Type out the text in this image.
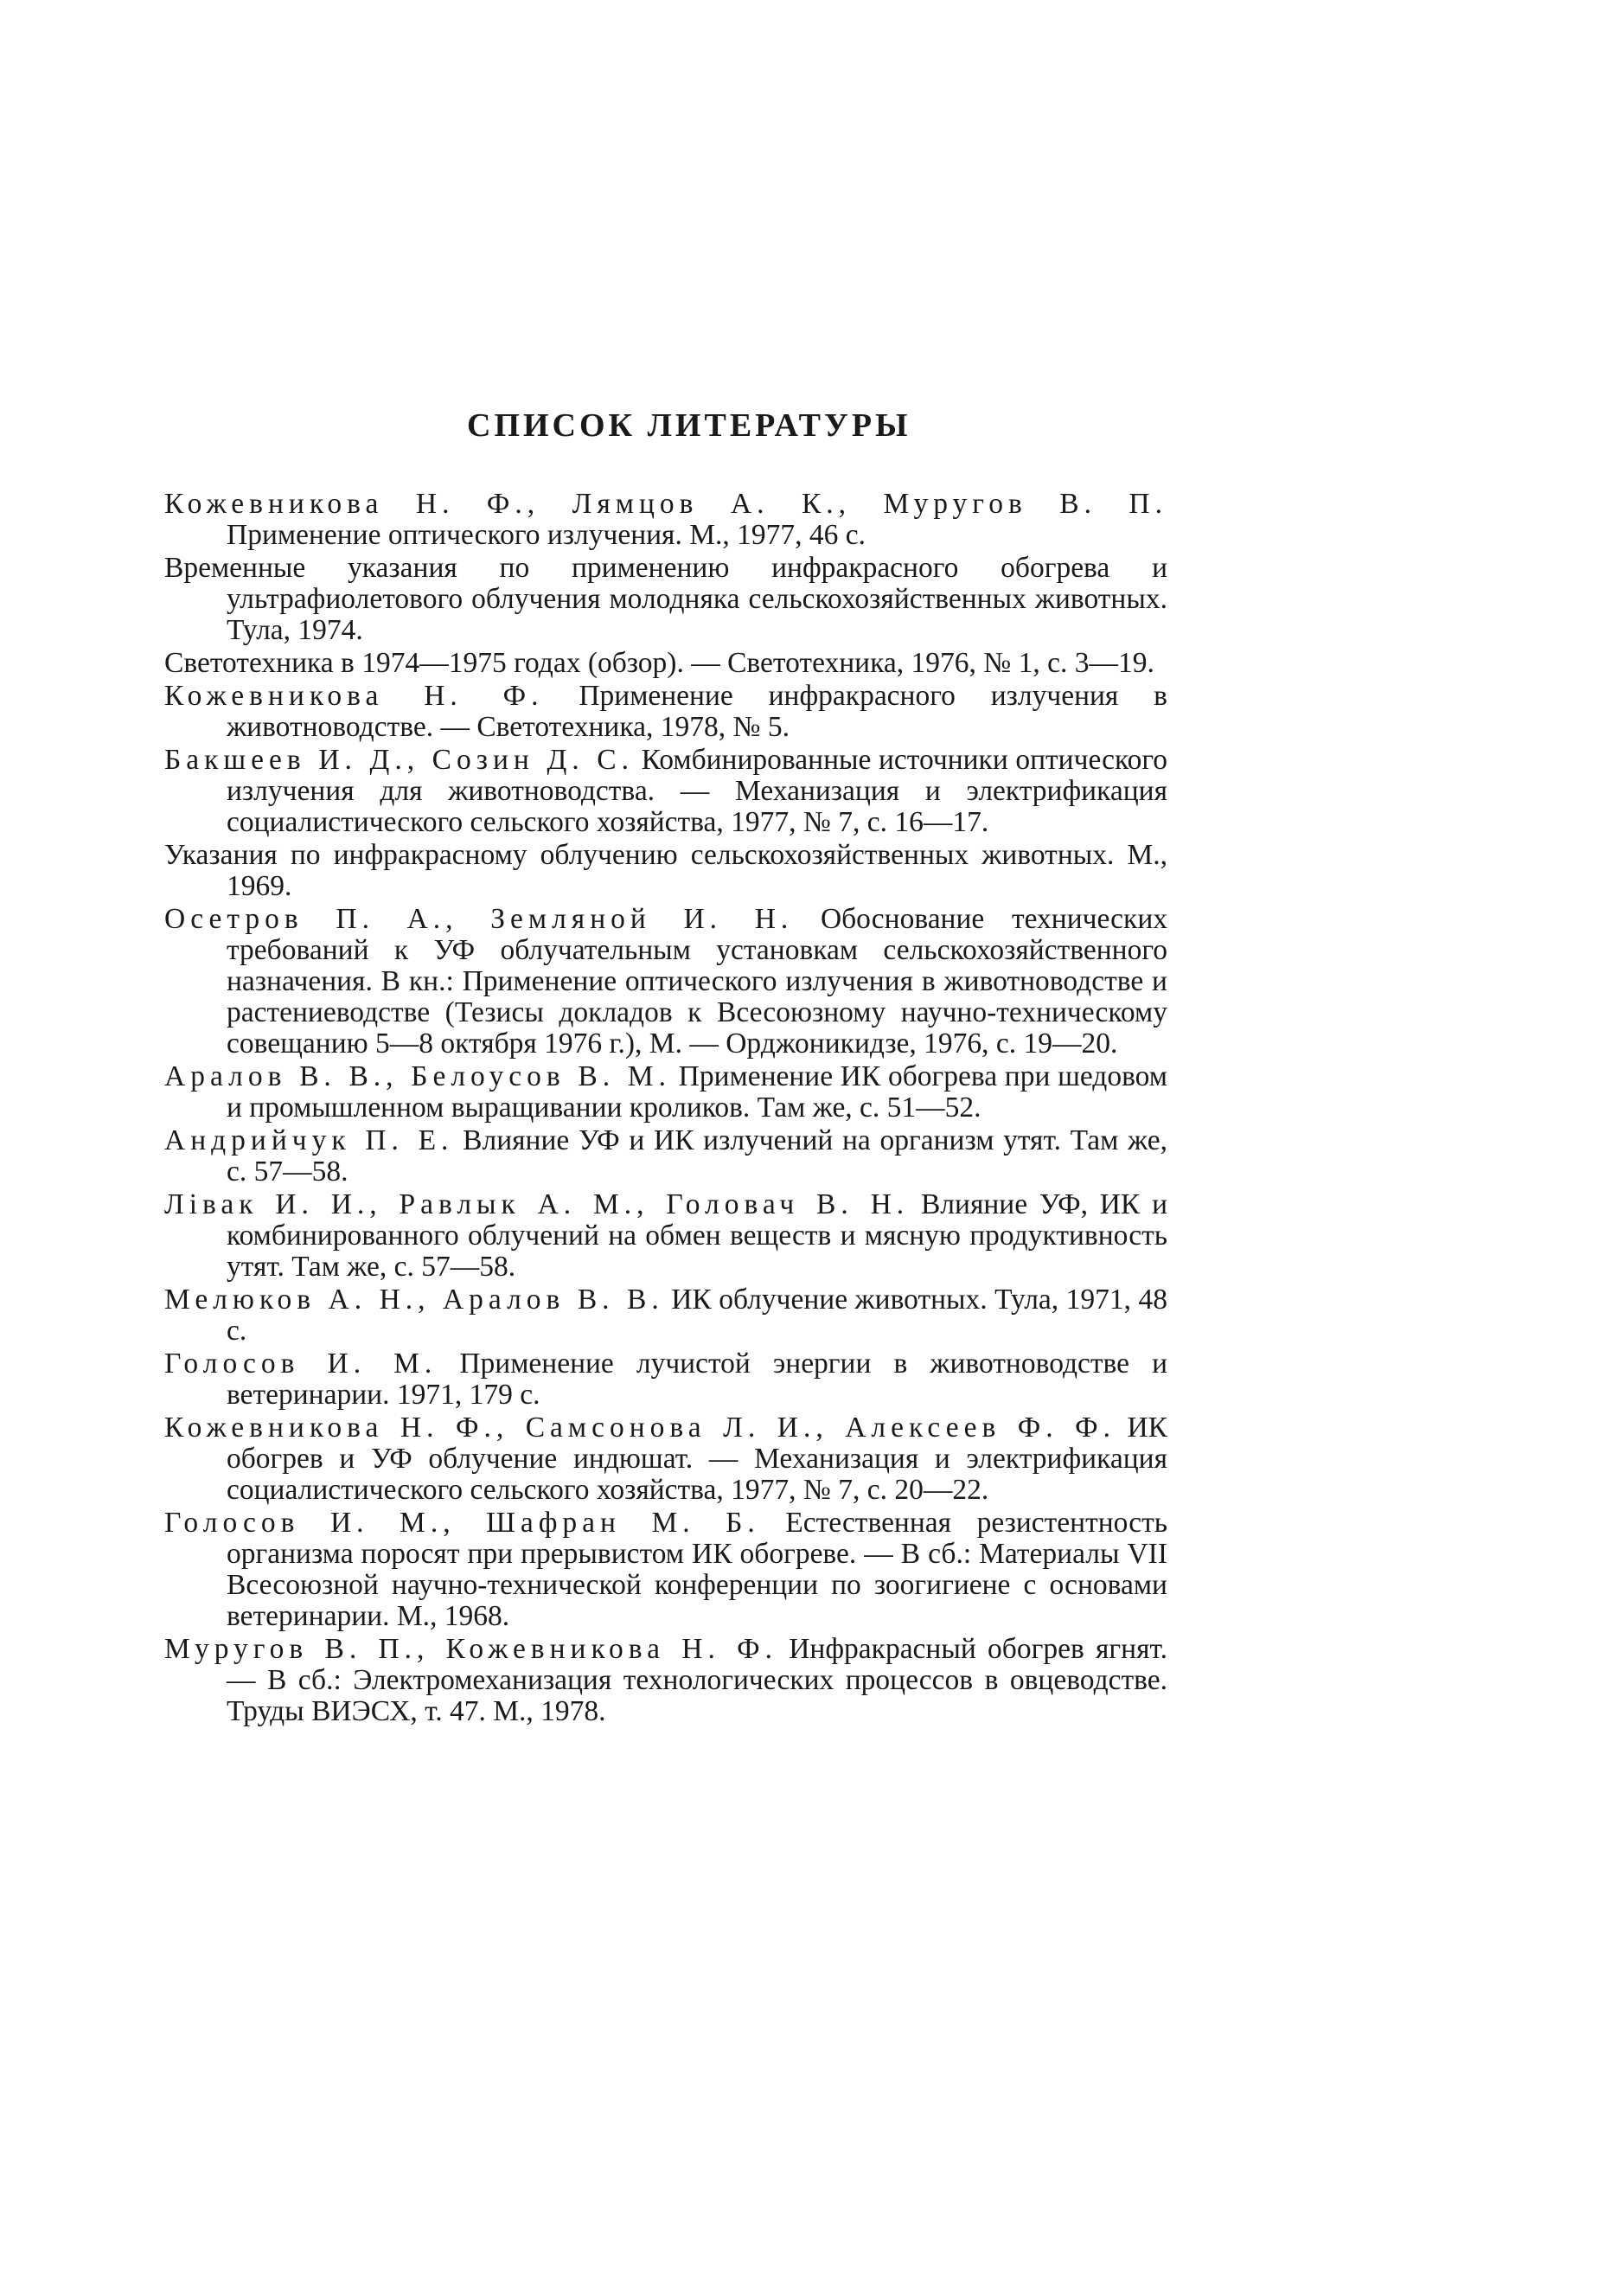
СПИСОК ЛИТЕРАТУРЫ

Кожевникова Н. Ф., Лямцов А. К., Муругов В. П. Применение оптического излучения. М., 1977, 46 с.

Временные указания по применению инфракрасного обогрева и ультрафиолетового облучения молодняка сельскохозяйственных животных. Тула, 1974.

Светотехника в 1974—1975 годах (обзор). — Светотехника, 1976, № 1, с. 3—19.

Кожевникова Н. Ф. Применение инфракрасного излучения в животноводстве. — Светотехника, 1978, № 5.

Бакшеев И. Д., Созин Д. С. Комбинированные источники оптического излучения для животноводства. — Механизация и электрификация социалистического сельского хозяйства, 1977, № 7, с. 16—17.

Указания по инфракрасному облучению сельскохозяйственных животных. М., 1969.

Осетров П. А., Земляной И. Н. Обоснование технических требований к УФ облучательным установкам сельскохозяйственного назначения. В кн.: Применение оптического излучения в животноводстве и растениеводстве (Тезисы докладов к Всесоюзному научно-техническому совещанию 5—8 октября 1976 г.), М. — Орджоникидзе, 1976, с. 19—20.

Аралов В. В., Белоусов В. М. Применение ИК обогрева при шедовом и промышленном выращивании кроликов. Там же, с. 51—52.

Андрийчук П. Е. Влияние УФ и ИК излучений на организм утят. Там же, с. 57—58.

Лівак И. И., Равлык А. М., Головач В. Н. Влияние УФ, ИК и комбинированного облучений на обмен веществ и мясную продуктивность утят. Там же, с. 57—58.

Мелюков А. Н., Аралов В. В. ИК облучение животных. Тула, 1971, 48 с.

Голосов И. М. Применение лучистой энергии в животноводстве и ветеринарии. 1971, 179 с.

Кожевникова Н. Ф., Самсонова Л. И., Алексеев Ф. Ф. ИК обогрев и УФ облучение индюшат. — Механизация и электрификация социалистического сельского хозяйства, 1977, № 7, с. 20—22.

Голосов И. М., Шафран М. Б. Естественная резистентность организма поросят при прерывистом ИК обогреве. — В сб.: Материалы VII Всесоюзной научно-технической конференции по зоогигиене с основами ветеринарии. М., 1968.

Муругов В. П., Кожевникова Н. Ф. Инфракрасный обогрев ягнят. — В сб.: Электромеханизация технологических процессов в овцеводстве. Труды ВИЭСХ, т. 47. М., 1978.
